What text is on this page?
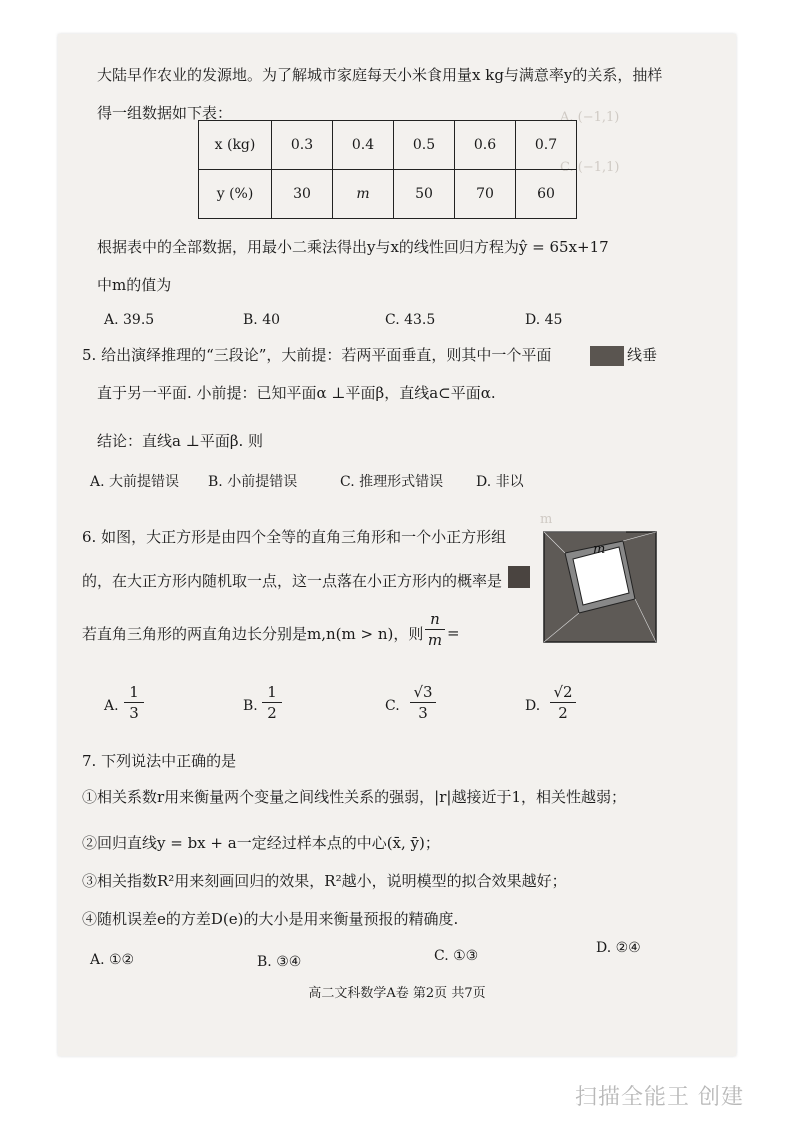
A. (−1,1)
C. (−1,1)
m
大陆早作农业的发源地。为了解城市家庭每天小米食用量x kg与满意率y的关系，抽样
得一组数据如下表：
x (kg)	0.3	0.4	0.5	0.6	0.7
y (%)	30	m	50	70	60
根据表中的全部数据，用最小二乘法得出y与x的线性回归方程为ŷ = 65x+17
中m的值为
A. 39.5	B. 40	C. 43.5	D. 45
5. 给出演绎推理的“三段论”，大前提：若两平面垂直，则其中一个平面	线垂
直于另一平面. 小前提：已知平面α ⊥平面β，直线a⊂平面α.
结论：直线a ⊥平面β. 则
A. 大前提错误 B. 小前提错误	C. 推理形式错误 D. 非以
6. 如图，大正方形是由四个全等的直角三角形和一个小正方形组
的，在大正方形内随机取一点，这一点落在小正方形内的概率是
若直角三角形的两直角边长分别是m,n(m > n)，则 $\frac{n}{m}$ =
m
A. $\frac{1}{3}$	B. $\frac{1}{2}$	C. $\frac{√3}{3}$	D. $\frac{√2}{2}$
7. 下列说法中正确的是
①相关系数r用来衡量两个变量之间线性关系的强弱，|r|越接近于1，相关性越弱；
②回归直线y = bx + a一定经过样本点的中心(x̄, ȳ)；
③相关指数R²用来刻画回归的效果，R²越小，说明模型的拟合效果越好；
④随机误差e的方差D(e)的大小是用来衡量预报的精确度.
A. ①②	B. ③④	C. ①③	D. ②④
高二文科数学A卷 第2页 共7页
扫描全能王 创建
